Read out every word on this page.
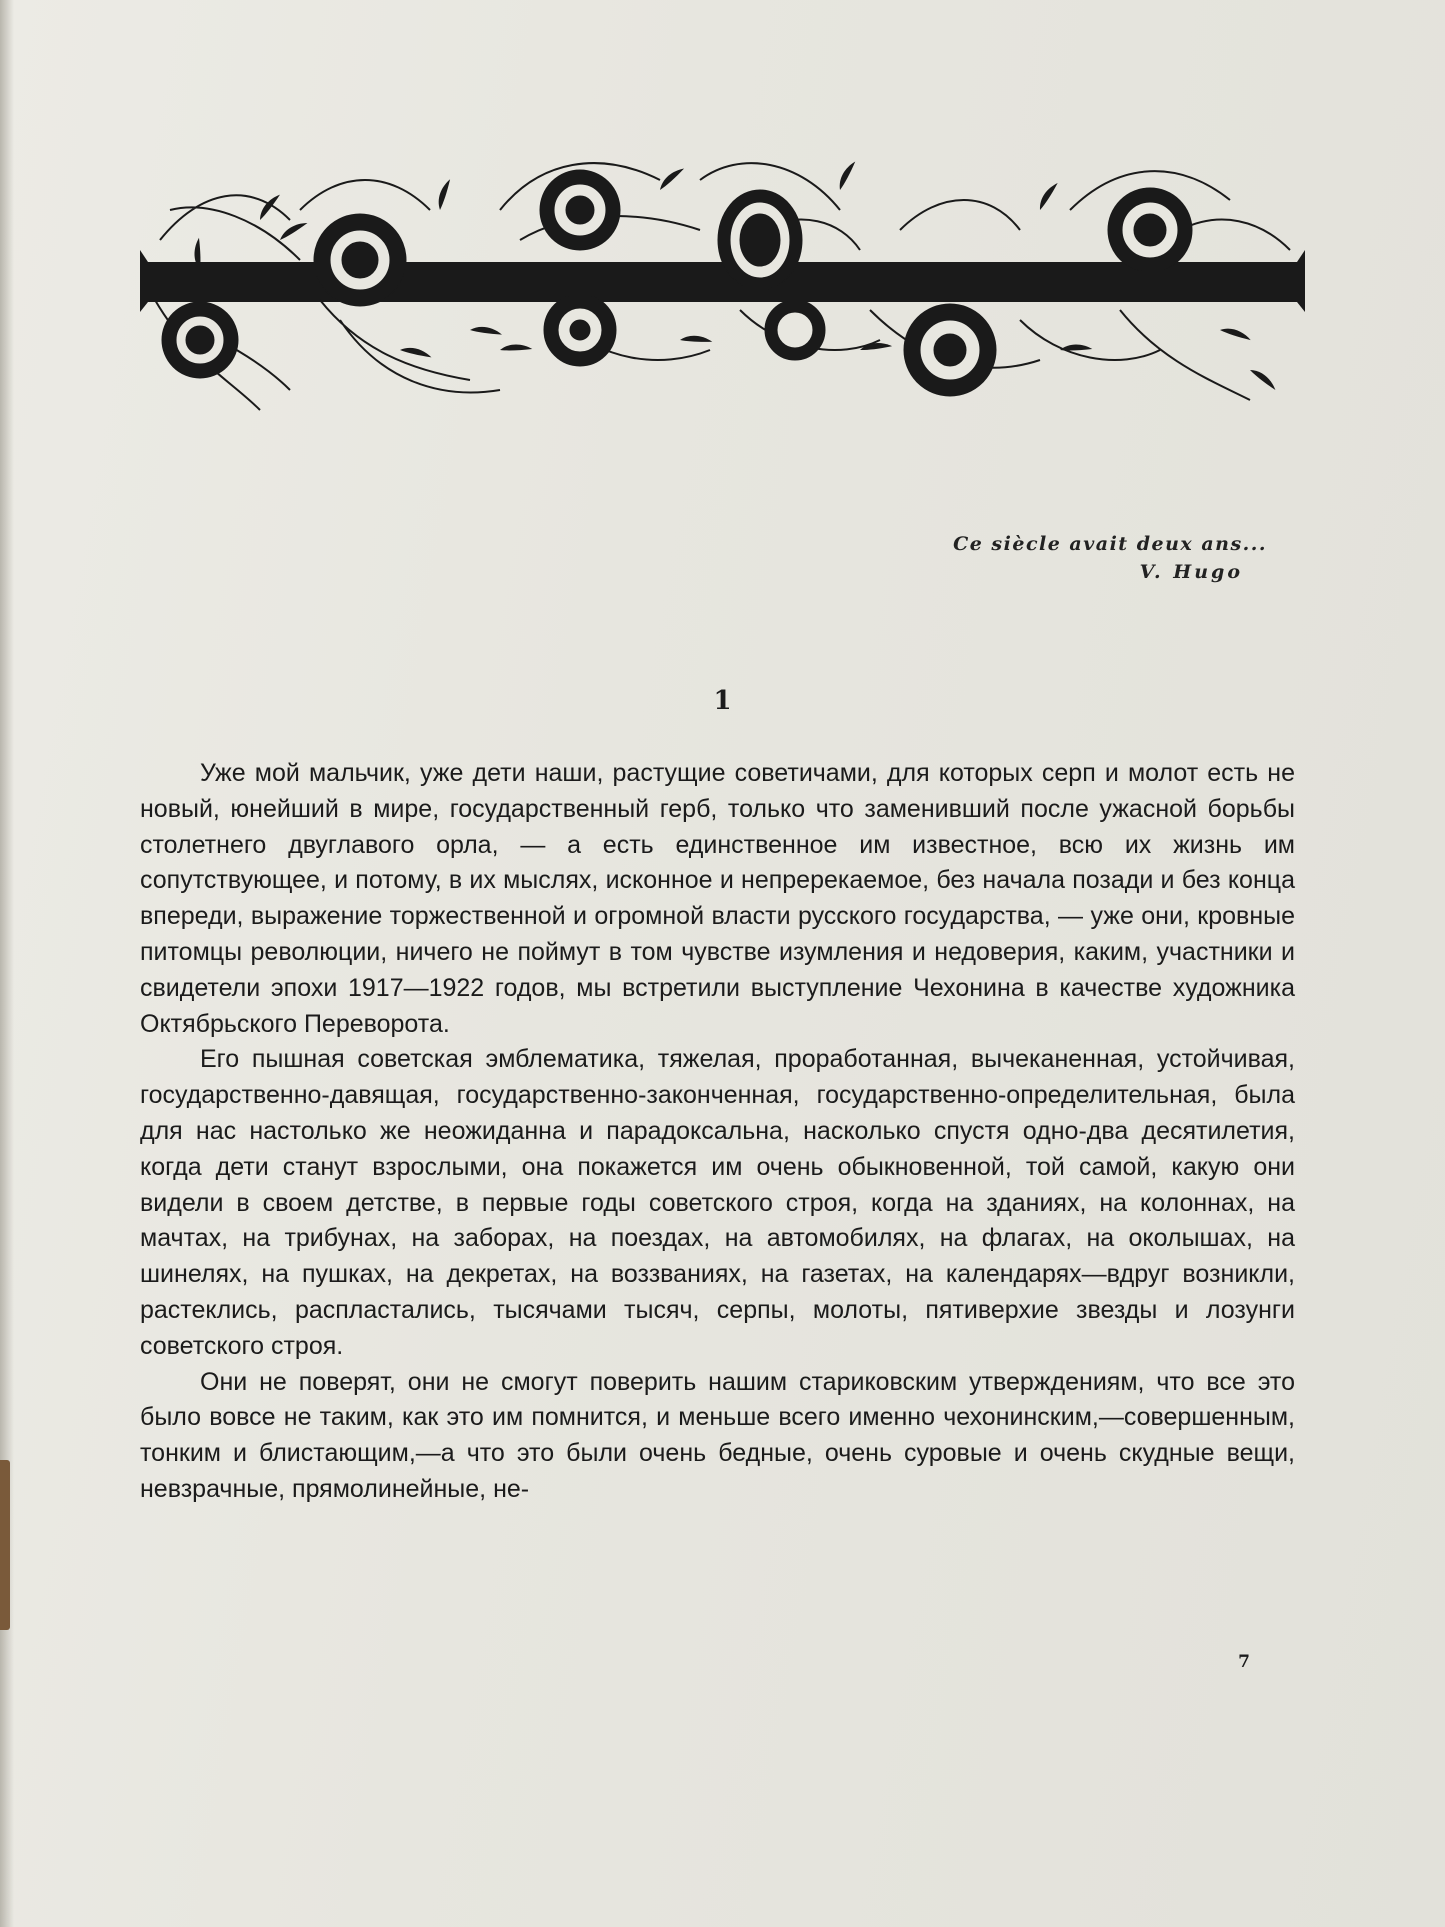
Ce siècle avait deux ans...
V. Hugo
1

Уже мой мальчик, уже дети наши, растущие советичами, для которых серп и молот есть не новый, юнейший в мире, государственный герб, только что заменивший после ужасной борьбы столетнего двуглавого орла, — а есть единственное им известное, всю их жизнь им сопутствующее, и потому, в их мыслях, исконное и непререкаемое, без начала позади и без конца впереди, выражение торжественной и огромной власти русского государства, — уже они, кровные питомцы революции, ничего не поймут в том чувстве изумления и недоверия, каким, участники и свидетели эпохи 1917—1922 годов, мы встретили выступление Чехонина в качестве художника Октябрьского Переворота.

Его пышная советская эмблематика, тяжелая, проработанная, вычеканенная, устойчивая, государственно-давящая, государственно-законченная, государственно-определительная, была для нас настолько же неожиданна и парадоксальна, насколько спустя одно-два десятилетия, когда дети станут взрослыми, она покажется им очень обыкновенной, той самой, какую они видели в своем детстве, в первые годы советского строя, когда на зданиях, на колоннах, на мачтах, на трибунах, на заборах, на поездах, на автомобилях, на флагах, на околышах, на шинелях, на пушках, на декретах, на воззваниях, на газетах, на календарях—вдруг возникли, растеклись, распластались, тысячами тысяч, серпы, молоты, пятиверхие звезды и лозунги советского строя.

Они не поверят, они не смогут поверить нашим стариковским утверждениям, что все это было вовсе не таким, как это им помнится, и меньше всего именно чехонинским,—совершенным, тонким и блистающим,—а что это были очень бедные, очень суровые и очень скудные вещи, невзрачные, прямолинейные, не-

7
